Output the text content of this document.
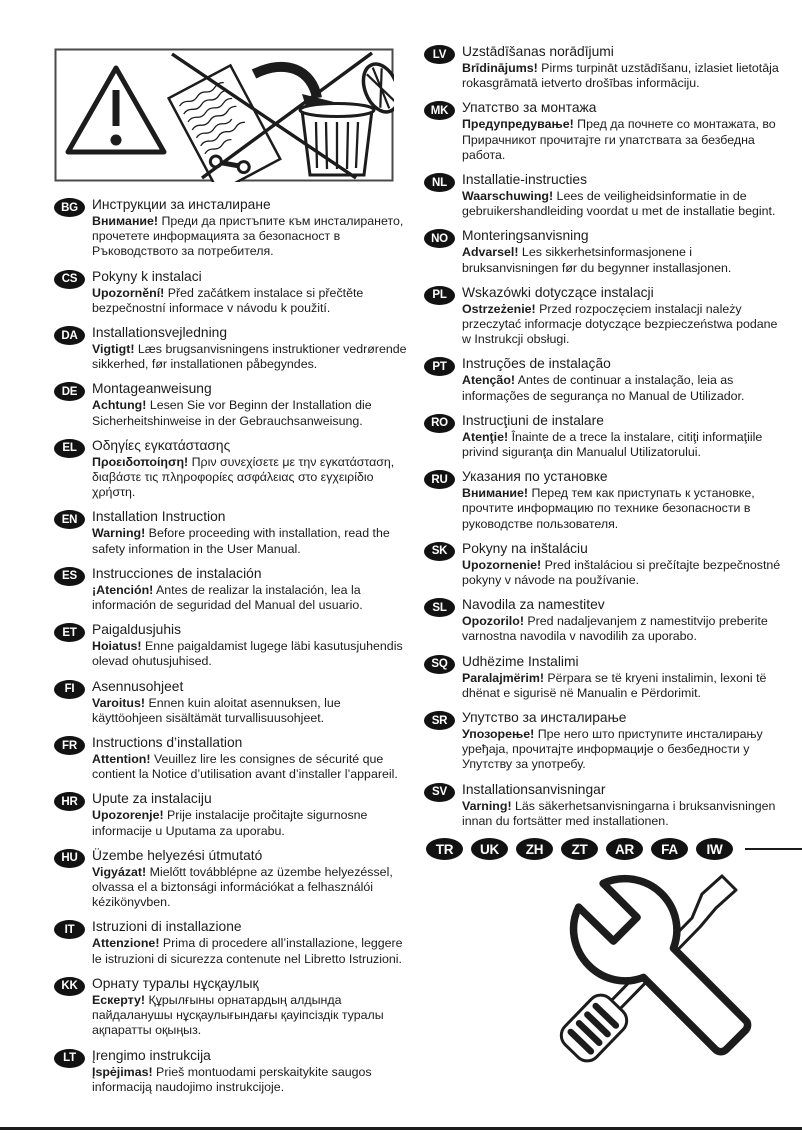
BG	Инструкции за инсталиране
Внимание! Преди да пристъпите към инсталирането, прочетете информацията за безопасност в Ръководството за потребителя.
CS	Pokyny k instalaci
Upozornění! Před začátkem instalace si přečtěte bezpečnostní informace v návodu k použití.
DA	Installationsvejledning
Vigtigt! Læs brugsanvisningens instruktioner vedrørende sikkerhed, før installationen påbegyndes.
DE	Montageanweisung
Achtung! Lesen Sie vor Beginn der Installation die Sicherheitshinweise in der Gebrauchsanweisung.
EL	Οδηγίες εγκατάστασης
Προειδοποίηση! Πριν συνεχίσετε με την εγκατάσταση, διαβάστε τις πληροφορίες ασφάλειας στο εγχειρίδιο χρήστη.
EN	Installation Instruction
Warning! Before proceeding with installation, read the safety information in the User Manual.
ES	Instrucciones de instalación
¡Atención! Antes de realizar la instalación, lea la información de seguridad del Manual del usuario.
ET	Paigaldusjuhis
Hoiatus! Enne paigaldamist lugege läbi kasutusjuhendis olevad ohutusjuhised.
FI	Asennusohjeet
Varoitus! Ennen kuin aloitat asennuksen, lue käyttöohjeen sisältämät turvallisuusohjeet.
FR	Instructions d’installation
Attention! Veuillez lire les consignes de sécurité que contient la Notice d’utilisation avant d’installer l’appareil.
HR	Upute za instalaciju
Upozorenje! Prije instalacije pročitajte sigurnosne informacije u Uputama za uporabu.
HU	Üzembe helyezési útmutató
Vigyázat! Mielőtt továbblépne az üzembe helyezéssel, olvassa el a biztonsági információkat a felhasználói kézikönyvben.
IT	Istruzioni di installazione
Attenzione! Prima di procedere all’installazione, leggere le istruzioni di sicurezza contenute nel Libretto Istruzioni.
KK	Орнату туралы нұсқаулық
Ескерту! Құрылғыны орнатардың алдында пайдаланушы нұсқаулығындағы қауіпсіздік туралы ақпаратты оқыңыз.
LT	Įrengimo instrukcija
Įspėjimas! Prieš montuodami perskaitykite saugos informaciją naudojimo instrukcijoje.
LV	Uzstādīšanas norādījumi
Brīdinājums! Pirms turpināt uzstādīšanu, izlasiet lietotāja rokasgrāmatā ietverto drošības informāciju.
MK Упатство за монтажа
Предупредување! Пред да почнете со монтажата, во Прирачникот прочитајте ги упатствата за безбедна работа.
NL	Installatie-instructies
Waarschuwing! Lees de veiligheidsinformatie in de gebruikershandleiding voordat u met de installatie begint.
NO	Monteringsanvisning
Advarsel! Les sikkerhetsinformasjonene i bruksanvisningen før du begynner installasjonen.
PL	Wskazówki dotyczące instalacji
Ostrzeżenie! Przed rozpoczęciem instalacji należy przeczytać informacje dotyczące bezpieczeństwa podane w Instrukcji obsługi.
PT	Instruções de instalação
Atenção! Antes de continuar a instalação, leia as informações de segurança no Manual de Utilizador.
RO	Instrucţiuni de instalare
Atenţie! Înainte de a trece la instalare, citiţi informaţiile privind siguranţa din Manualul Utilizatorului.
RU	Указания по установке
Внимание! Перед тем как приступать к установке, прочтите информацию по технике безопасности в руководстве пользователя.
SK	Pokyny na inštaláciu
Upozornenie! Pred inštaláciou si prečítajte bezpečnostné pokyny v návode na používanie.
SL	Navodila za namestitev
Opozorilo! Pred nadaljevanjem z namestitvijo preberite varnostna navodila v navodilih za uporabo.
SQ	Udhëzime Instalimi
Paralajmërim! Përpara se të kryeni instalimin, lexoni të dhënat e sigurisë në Manualin e Përdorimit.
SR	Упутство за инсталирање
Упозорење! Пре него што приступите инсталирању уређаја, прочитајте информације о безбедности у Упутству за употребу.
SV	Installationsanvisningar
Varning! Läs säkerhetsanvisningarna i bruksanvisningen innan du fortsätter med installationen.
TR	UK	ZH	ZT	AR	FA	IW
